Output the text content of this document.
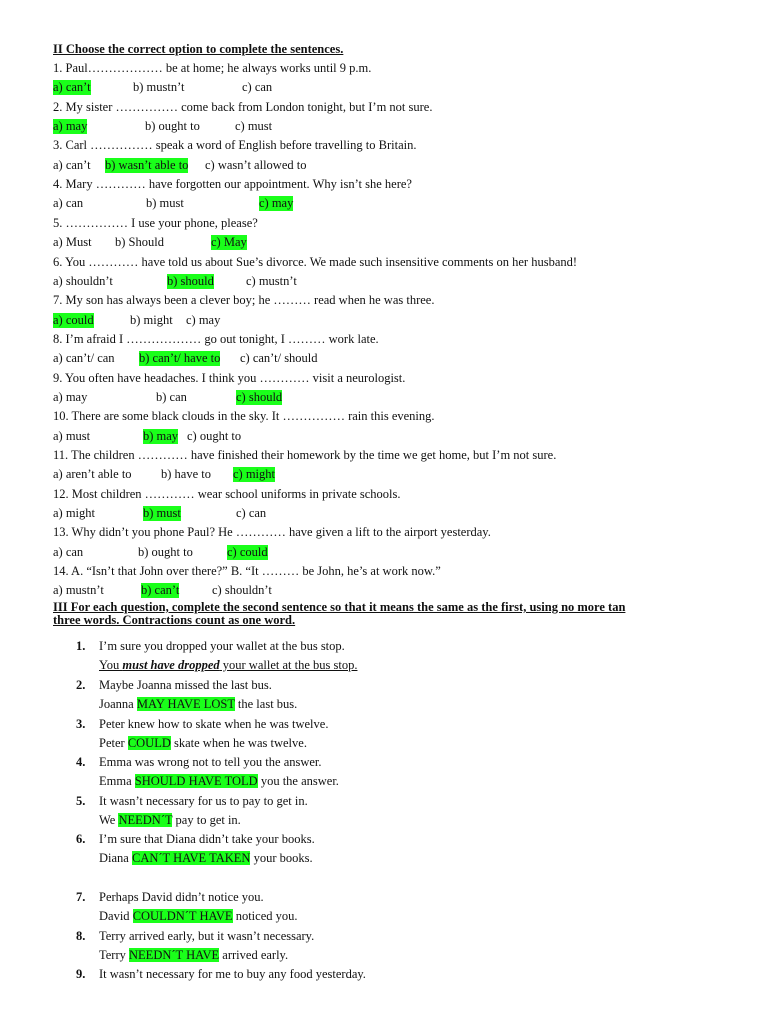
II Choose the correct option to complete the sentences.
1. Paul……………… be at home; he always works until 9 p.m.
a) can’t	b) mustn’t	c) can
2. My sister …………… come back from London tonight, but I’m not sure.
a) may	b) ought to	c) must
3. Carl …………… speak a word of English before travelling to Britain.
a) can’t b) wasn’t able to c) wasn’t allowed to
4. Mary ………… have forgotten our appointment. Why isn’t she here?
a) can	b) must	c) may
5. …………… I use your phone, please?
a) Must b) Should	c) May
6. You ………… have told us about Sue’s divorce. We made such insensitive comments on her husband!
a) shouldn’t	b) should	c) mustn’t
7. My son has always been a clever boy; he ……… read when he was three.
a) could	b) might c) may
8. I’m afraid I ……………… go out tonight, I ……… work late.
a) can’t/ can b) can’t/ have to c) can’t/ should
9. You often have headaches. I think you ………… visit a neurologist.
a) may	b) can	c) should
10. There are some black clouds in the sky. It …………… rain this evening.
a) must	b) may c) ought to
11. The children ………… have finished their homework by the time we get home, but I’m not sure.
a) aren’t able to b) have to c) might
12. Most children ………… wear school uniforms in private schools.
a) might	b) must	c) can
13. Why didn’t you phone Paul? He ………… have given a lift to the airport yesterday.
a) can	b) ought to	c) could
14. A. “Isn’t that John over there?” B. “It ……… be John, he’s at work now.”
a) mustn’t	b) can’t	c) shouldn’t
III For each question, complete the second sentence so that it means the same as the first, using no more tan
three words. Contractions count as one word.
1. I’m sure you dropped your wallet at the bus stop.
You must have dropped your wallet at the bus stop.
2. Maybe Joanna missed the last bus.
Joanna MAY HAVE LOST the last bus.
3. Peter knew how to skate when he was twelve.
Peter COULD skate when he was twelve.
4. Emma was wrong not to tell you the answer.
Emma SHOULD HAVE TOLD you the answer.
5. It wasn’t necessary for us to pay to get in.
We NEEDN´T pay to get in.
6. I’m sure that Diana didn’t take your books.
Diana CAN´T HAVE TAKEN your books.
7. Perhaps David didn’t notice you.
David COULDN´T HAVE noticed you.
8. Terry arrived early, but it wasn’t necessary.
Terry NEEDN´T HAVE arrived early.
9. It wasn’t necessary for me to buy any food yesterday.
